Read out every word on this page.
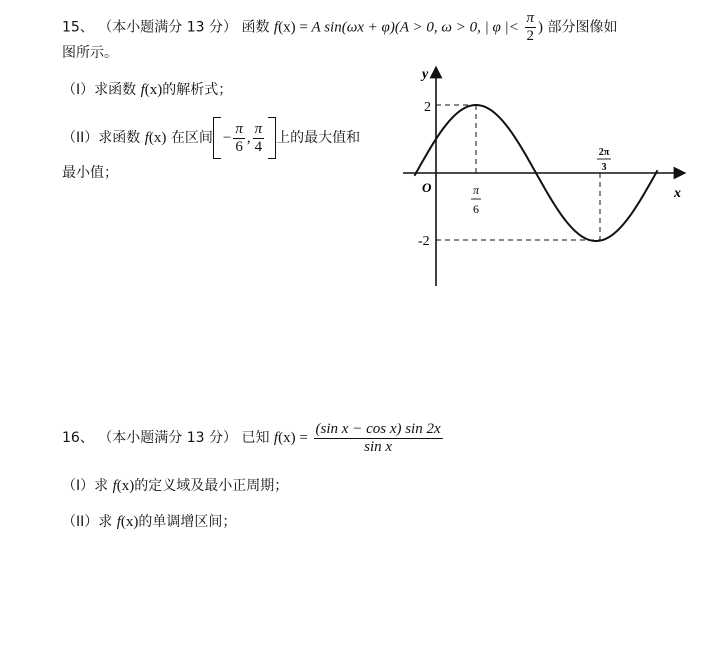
15、 （本小题满分 13 分） 函数 f(x) = A sin(ωx + φ)(A > 0, ω > 0, | φ |< $\frac{\pi}{2}$ ) 部分图像如
图所示。
（I）求函数 f(x)的解析式；
（II）求函数 f(x) 在区间 − $\frac{\pi}{6}$ , $\frac{\pi}{4}$ 上的最大值和
最小值；
y
x
O
2
-2
π
6
2π
3
16、 （本小题满分 13 分） 已知 $f(x) = \frac{\text{(sin x − cos x) sin 2x}}{\text{sin x}}$
（I）求 f(x)的定义域及最小正周期；
（II）求 f(x)的单调增区间；
